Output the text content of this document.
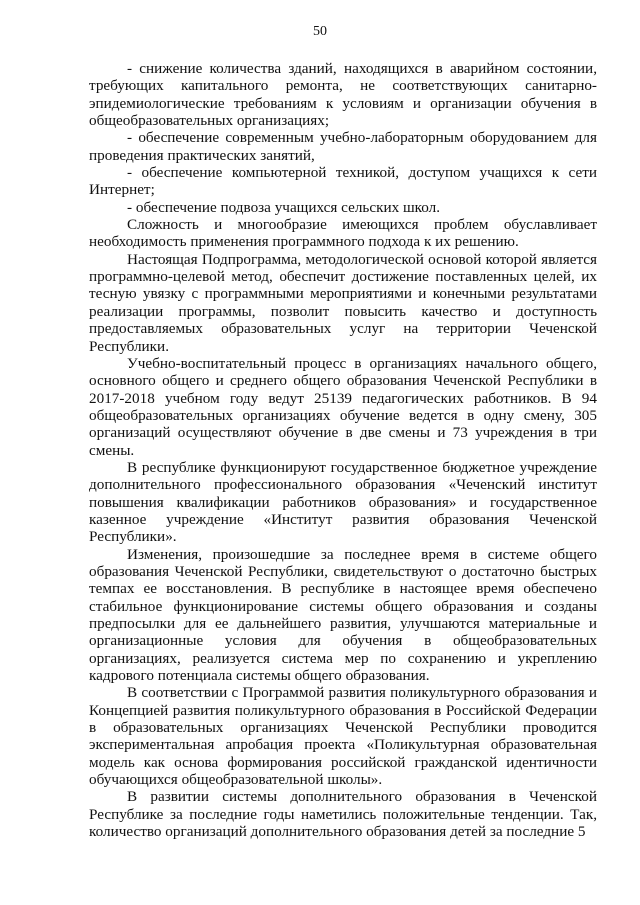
50

- снижение количества зданий, находящихся в аварийном состоянии, требующих капитального ремонта, не соответствующих санитарно-эпидемиологические требованиям к условиям и организации обучения в общеобразовательных организациях;

- обеспечение современным учебно-лабораторным оборудованием для проведения практических занятий,

- обеспечение компьютерной техникой, доступом учащихся к сети Интернет;

- обеспечение подвоза учащихся сельских школ.

Сложность и многообразие имеющихся проблем обуславливает необходимость применения программного подхода к их решению.

Настоящая Подпрограмма, методологической основой которой является программно-целевой метод, обеспечит достижение поставленных целей, их тесную увязку с программными мероприятиями и конечными результатами реализации программы, позволит повысить качество и доступность предоставляемых образовательных услуг на территории Чеченской Республики.

Учебно-воспитательный процесс в организациях начального общего, основного общего и среднего общего образования Чеченской Республики в 2017-2018 учебном году ведут 25139 педагогических работников. В 94 общеобразовательных организациях обучение ведется в одну смену, 305 организаций осуществляют обучение в две смены и 73 учреждения в три смены.

В республике функционируют государственное бюджетное учреждение дополнительного профессионального образования «Чеченский институт повышения квалификации работников образования» и государственное казенное учреждение «Институт развития образования Чеченской Республики».

Изменения, произошедшие за последнее время в системе общего образования Чеченской Республики, свидетельствуют о достаточно быстрых темпах ее восстановления. В республике в настоящее время обеспечено стабильное функционирование системы общего образования и созданы предпосылки для ее дальнейшего развития, улучшаются материальные и организационные условия для обучения в общеобразовательных организациях, реализуется система мер по сохранению и укреплению кадрового потенциала системы общего образования.

В соответствии с Программой развития поликультурного образования и Концепцией развития поликультурного образования в Российской Федерации в образовательных организациях Чеченской Республики проводится экспериментальная апробация проекта «Поликультурная образовательная модель как основа формирования российской гражданской идентичности обучающихся общеобразовательной школы».

В развитии системы дополнительного образования в Чеченской Республике за последние годы наметились положительные тенденции. Так, количество организаций дополнительного образования детей за последние 5
